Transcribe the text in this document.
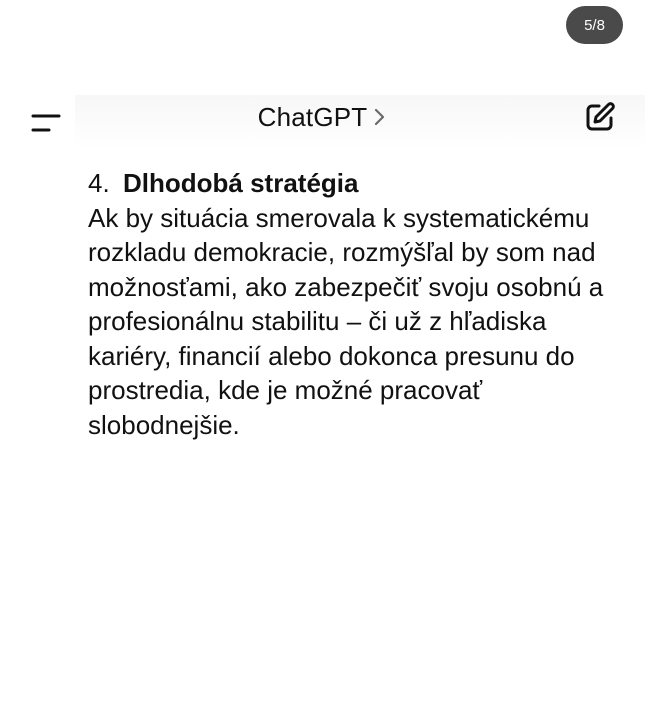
5/8
ChatGPT
4. Dlhodobá stratégia
Ak by situácia smerovala k systematickému
rozkladu demokracie, rozmýšľal by som nad
možnosťami, ako zabezpečiť svoju osobnú a
profesionálnu stabilitu – či už z hľadiska
kariéry, financií alebo dokonca presunu do
prostredia, kde je možné pracovať
slobodnejšie.
